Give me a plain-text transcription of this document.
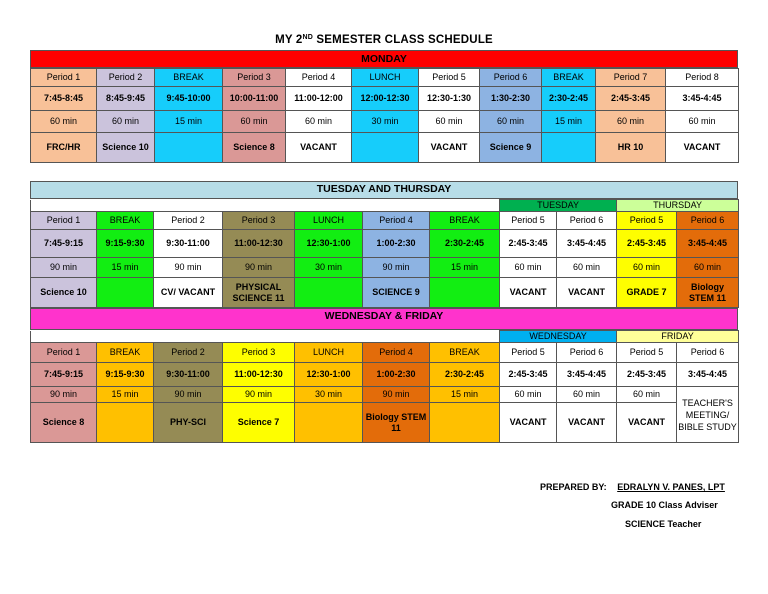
MY 2ND SEMESTER CLASS SCHEDULE
MONDAY
Period 1	Period 2	BREAK	Period 3	Period 4	LUNCH	Period 5	Period 6	BREAK	Period 7	Period 8
7:45-8:45	8:45-9:45	9:45-10:00	10:00-11:00	11:00-12:00	12:00-12:30	12:30-1:30	1:30-2:30	2:30-2:45	2:45-3:45	3:45-4:45
60 min	60 min	15 min	60 min	60 min	30 min	60 min	60 min	15 min	60 min	60 min
FRC/HR	Science 10		Science 8	VACANT		VACANT	Science 9		HR 10	VACANT
TUESDAY AND THURSDAY
							TUESDAY		THURSDAY	
Period 1	BREAK	Period 2	Period 3	LUNCH	Period 4	BREAK	Period 5	Period 6	Period 5	Period 6
7:45-9:15	9:15-9:30	9:30-11:00	11:00-12:30	12:30-1:00	1:00-2:30	2:30-2:45	2:45-3:45	3:45-4:45	2:45-3:45	3:45-4:45
90 min	15 min	90 min	90 min	30 min	90 min	15 min	60 min	60 min	60 min	60 min
Science 10		CV/ VACANT	PHYSICAL SCIENCE 11		SCIENCE 9		VACANT	VACANT	GRADE 7	Biology STEM 11
WEDNESDAY & FRIDAY
							WEDNESDAY		FRIDAY	
Period 1	BREAK	Period 2	Period 3	LUNCH	Period 4	BREAK	Period 5	Period 6	Period 5	Period 6
7:45-9:15	9:15-9:30	9:30-11:00	11:00-12:30	12:30-1:00	1:00-2:30	2:30-2:45	2:45-3:45	3:45-4:45	2:45-3:45	3:45-4:45
90 min	15 min	90 min	90 min	30 min	90 min	15 min	60 min	60 min	60 min	TEACHER'S MEETING/ BIBLE STUDY
Science 8		PHY-SCI	Science 7		Biology STEM 11		VACANT	VACANT	VACANT	
PREPARED BY: EDRALYN V. PANES, LPT
GRADE 10 Class Adviser
SCIENCE Teacher
